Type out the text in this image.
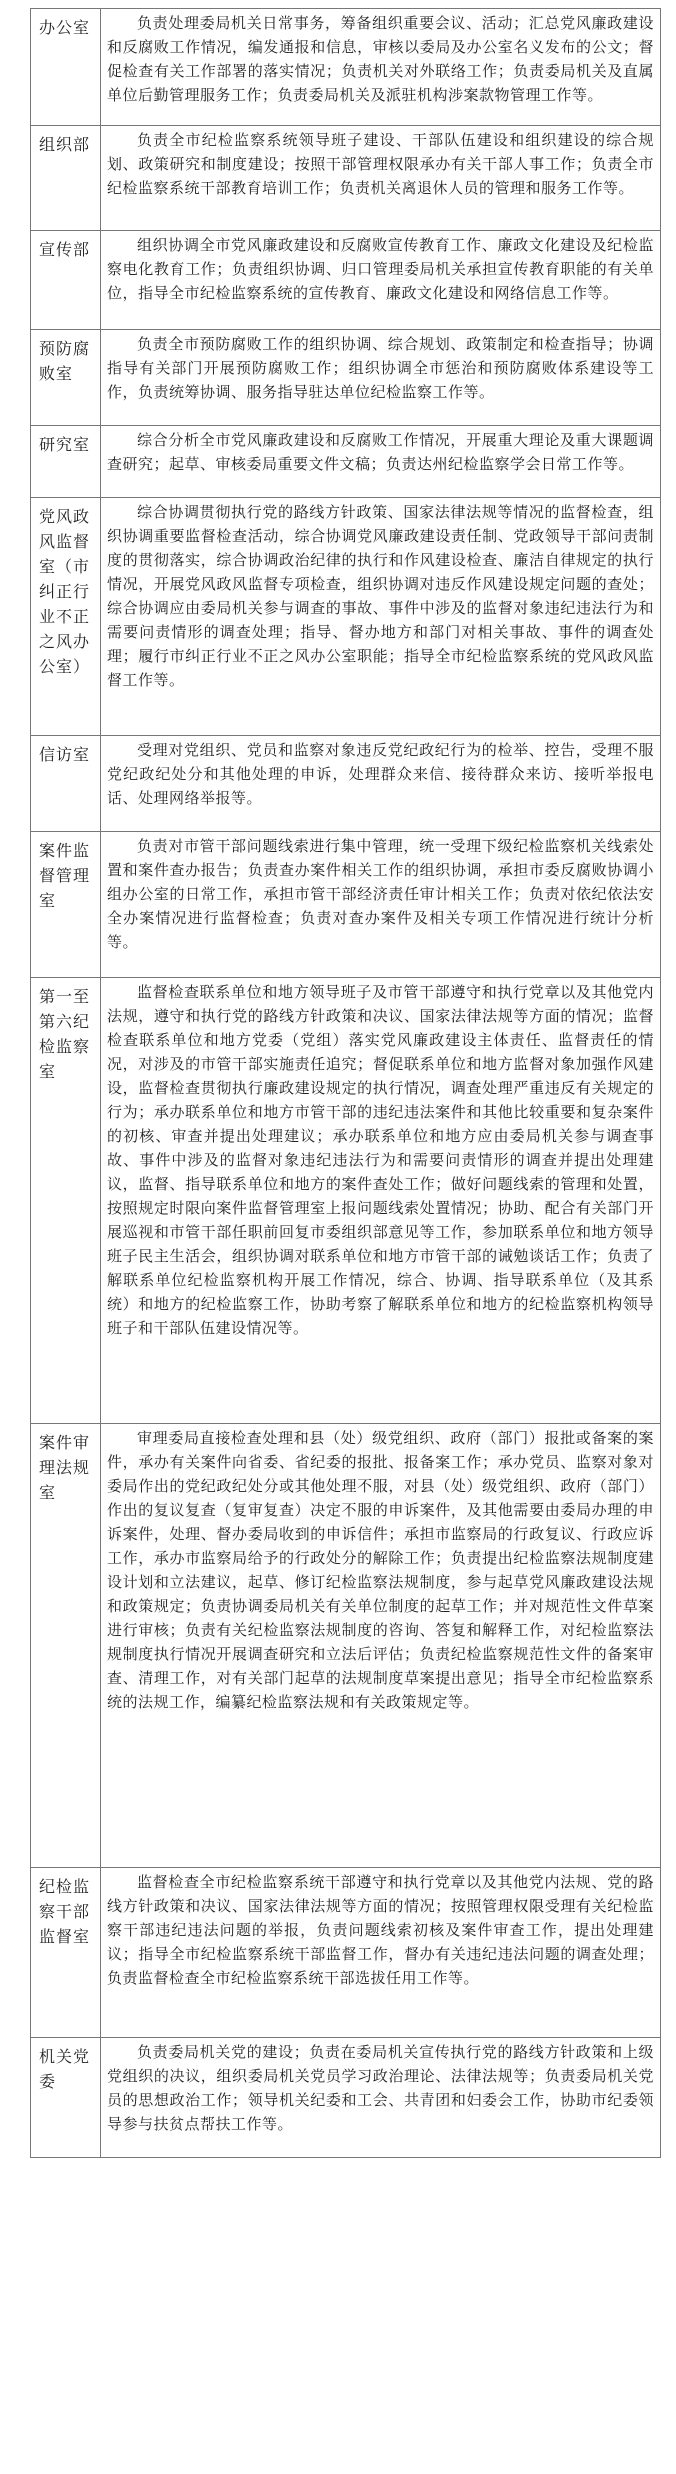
办公室	负责处理委局机关日常事务，筹备组织重要会议、活动；汇总党风廉政建设和反腐败工作情况，编发通报和信息，审核以委局及办公室名义发布的公文；督促检查有关工作部署的落实情况；负责机关对外联络工作；负责委局机关及直属单位后勤管理服务工作；负责委局机关及派驻机构涉案款物管理工作等。

组织部	负责全市纪检监察系统领导班子建设、干部队伍建设和组织建设的综合规划、政策研究和制度建设；按照干部管理权限承办有关干部人事工作；负责全市纪检监察系统干部教育培训工作；负责机关离退休人员的管理和服务工作等。

宣传部	组织协调全市党风廉政建设和反腐败宣传教育工作、廉政文化建设及纪检监察电化教育工作；负责组织协调、归口管理委局机关承担宣传教育职能的有关单位，指导全市纪检监察系统的宣传教育、廉政文化建设和网络信息工作等。

预防腐败室	负责全市预防腐败工作的组织协调、综合规划、政策制定和检查指导；协调指导有关部门开展预防腐败工作；组织协调全市惩治和预防腐败体系建设等工作，负责统筹协调、服务指导驻达单位纪检监察工作等。

研究室	综合分析全市党风廉政建设和反腐败工作情况，开展重大理论及重大课题调查研究；起草、审核委局重要文件文稿；负责达州纪检监察学会日常工作等。

党风政风监督室（市纠正行业不正之风办公室）	综合协调贯彻执行党的路线方针政策、国家法律法规等情况的监督检查，组织协调重要监督检查活动，综合协调党风廉政建设责任制、党政领导干部问责制度的贯彻落实，综合协调政治纪律的执行和作风建设检查、廉洁自律规定的执行情况，开展党风政风监督专项检查，组织协调对违反作风建设规定问题的查处；综合协调应由委局机关参与调查的事故、事件中涉及的监督对象违纪违法行为和需要问责情形的调查处理；指导、督办地方和部门对相关事故、事件的调查处理；履行市纠正行业不正之风办公室职能；指导全市纪检监察系统的党风政风监督工作等。

信访室	受理对党组织、党员和监察对象违反党纪政纪行为的检举、控告，受理不服党纪政纪处分和其他处理的申诉，处理群众来信、接待群众来访、接听举报电话、处理网络举报等。

案件监督管理室	负责对市管干部问题线索进行集中管理，统一受理下级纪检监察机关线索处置和案件查办报告；负责查办案件相关工作的组织协调，承担市委反腐败协调小组办公室的日常工作，承担市管干部经济责任审计相关工作；负责对依纪依法安全办案情况进行监督检查；负责对查办案件及相关专项工作情况进行统计分析等。

第一至第六纪检监察室	监督检查联系单位和地方领导班子及市管干部遵守和执行党章以及其他党内法规，遵守和执行党的路线方针政策和决议、国家法律法规等方面的情况；监督检查联系单位和地方党委（党组）落实党风廉政建设主体责任、监督责任的情况，对涉及的市管干部实施责任追究；督促联系单位和地方监督对象加强作风建设，监督检查贯彻执行廉政建设规定的执行情况，调查处理严重违反有关规定的行为；承办联系单位和地方市管干部的违纪违法案件和其他比较重要和复杂案件的初核、审查并提出处理建议；承办联系单位和地方应由委局机关参与调查事故、事件中涉及的监督对象违纪违法行为和需要问责情形的调查并提出处理建议，监督、指导联系单位和地方的案件查处工作；做好问题线索的管理和处置，按照规定时限向案件监督管理室上报问题线索处置情况；协助、配合有关部门开展巡视和市管干部任职前回复市委组织部意见等工作，参加联系单位和地方领导班子民主生活会，组织协调对联系单位和地方市管干部的诫勉谈话工作；负责了解联系单位纪检监察机构开展工作情况，综合、协调、指导联系单位（及其系统）和地方的纪检监察工作，协助考察了解联系单位和地方的纪检监察机构领导班子和干部队伍建设情况等。

案件审理法规室	审理委局直接检查处理和县（处）级党组织、政府（部门）报批或备案的案件，承办有关案件向省委、省纪委的报批、报备案工作；承办党员、监察对象对委局作出的党纪政纪处分或其他处理不服，对县（处）级党组织、政府（部门）作出的复议复查（复审复查）决定不服的申诉案件，及其他需要由委局办理的申诉案件，处理、督办委局收到的申诉信件；承担市监察局的行政复议、行政应诉工作，承办市监察局给予的行政处分的解除工作；负责提出纪检监察法规制度建设计划和立法建议，起草、修订纪检监察法规制度，参与起草党风廉政建设法规和政策规定；负责协调委局机关有关单位制度的起草工作；并对规范性文件草案进行审核；负责有关纪检监察法规制度的咨询、答复和解释工作，对纪检监察法规制度执行情况开展调查研究和立法后评估；负责纪检监察规范性文件的备案审查、清理工作，对有关部门起草的法规制度草案提出意见；指导全市纪检监察系统的法规工作，编纂纪检监察法规和有关政策规定等。

纪检监察干部监督室	监督检查全市纪检监察系统干部遵守和执行党章以及其他党内法规、党的路线方针政策和决议、国家法律法规等方面的情况；按照管理权限受理有关纪检监察干部违纪违法问题的举报，负责问题线索初核及案件审查工作，提出处理建议；指导全市纪检监察系统干部监督工作，督办有关违纪违法问题的调查处理；负责监督检查全市纪检监察系统干部选拔任用工作等。

机关党委	负责委局机关党的建设；负责在委局机关宣传执行党的路线方针政策和上级党组织的决议，组织委局机关党员学习政治理论、法律法规等；负责委局机关党员的思想政治工作；领导机关纪委和工会、共青团和妇委会工作，协助市纪委领导参与扶贫点帮扶工作等。
